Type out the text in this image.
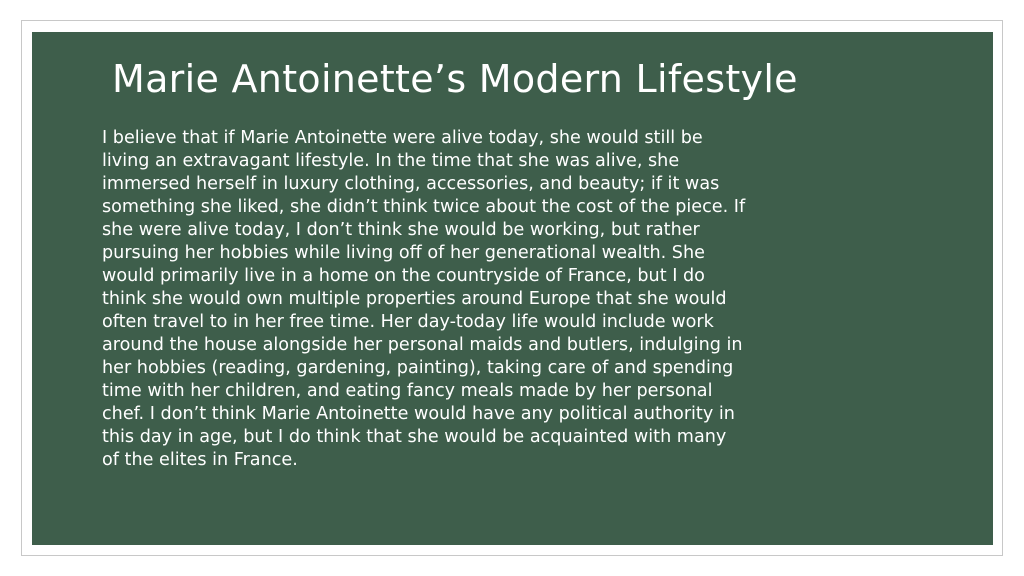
Marie Antoinette’s Modern Lifestyle
I believe that if Marie Antoinette were alive today, she would still be
living an extravagant lifestyle. In the time that she was alive, she
immersed herself in luxury clothing, accessories, and beauty; if it was
something she liked, she didn’t think twice about the cost of the piece. If
she were alive today, I don’t think she would be working, but rather
pursuing her hobbies while living off of her generational wealth. She
would primarily live in a home on the countryside of France, but I do
think she would own multiple properties around Europe that she would
often travel to in her free time. Her day-today life would include work
around the house alongside her personal maids and butlers, indulging in
her hobbies (reading, gardening, painting), taking care of and spending
time with her children, and eating fancy meals made by her personal
chef. I don’t think Marie Antoinette would have any political authority in
this day in age, but I do think that she would be acquainted with many
of the elites in France.
